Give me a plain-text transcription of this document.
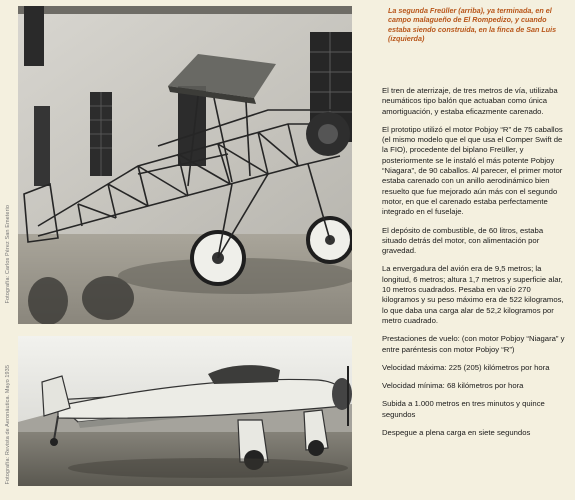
Fotografía: Carlos Pérez San Emeterio
Fotografía: Revista de Aeronáutica. Mayo 1935
La segunda Freüller (arriba), ya terminada, en el campo malagueño de El Rompedizo, y cuando estaba siendo construida, en la finca de San Luis (izquierda)

El tren de aterrizaje, de tres metros de vía, utilizaba neumáticos tipo balón que actuaban como única amortiguación, y estaba eficazmente carenado.

El prototipo utilizó el motor Pobjoy “R” de 75 caballos (el mismo modelo que el que usa el Comper Swift de la FIO), procedente del biplano Freüller, y posteriormente se le instaló el más potente Pobjoy “Niagara”, de 90 caballos. Al parecer, el primer motor estaba carenado con un anillo aerodinámico bien resuelto que fue mejorado aún más con el segundo motor, en que el carenado estaba perfectamente integrado en el fuselaje.

El depósito de combustible, de 60 litros, estaba situado detrás del motor, con alimentación por gravedad.

La envergadura del avión era de 9,5 metros; la longitud, 6 metros; altura 1,7 metros y superficie alar, 10 metros cuadrados. Pesaba en vacío 270 kilogramos y su peso máximo era de 522 kilogramos, lo que daba una carga alar de 52,2 kilogramos por metro cuadrado.

Prestaciones de vuelo: (con motor Pobjoy “Niagara” y entre paréntesis con motor Pobjoy “R”)

Velocidad máxima: 225 (205) kilómetros por hora

Velocidad mínima: 68 kilómetros por hora

Subida a 1.000 metros en tres minutos y quince segundos

Despegue a plena carga en siete segundos
